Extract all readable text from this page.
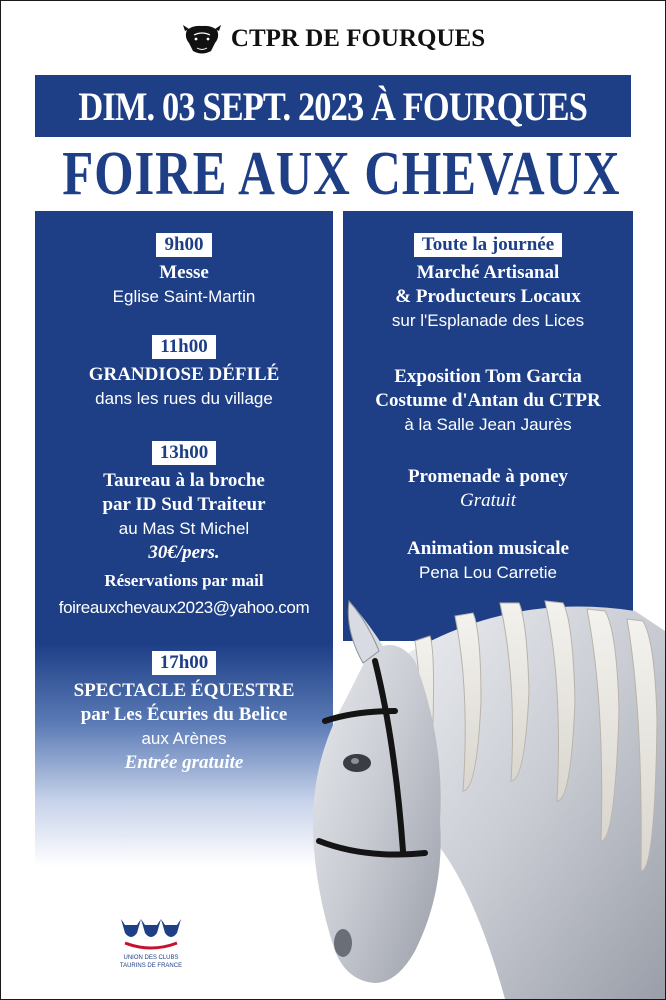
CTPR DE FOURQUES
DIM. 03 SEPT. 2023 À FOURQUES
FOIRE AUX CHEVAUX
9h00
Messe
Eglise Saint-Martin
11h00
GRANDIOSE DÉFILÉ
dans les rues du village
13h00
Taureau à la broche
par ID Sud Traiteur
au Mas St Michel
30€/pers.
Réservations par mail
foireauxchevaux2023@yahoo.com
17h00
SPECTACLE ÉQUESTRE
par Les Écuries du Belice
aux Arènes
Entrée gratuite
Toute la journée
Marché Artisanal
& Producteurs Locaux
sur l'Esplanade des Lices
Exposition Tom Garcia
Costume d'Antan du CTPR
à la Salle Jean Jaurès
Promenade à poney
Gratuit
Animation musicale
Pena Lou Carretie
UNION DES CLUBS
TAURINS DE FRANCE
